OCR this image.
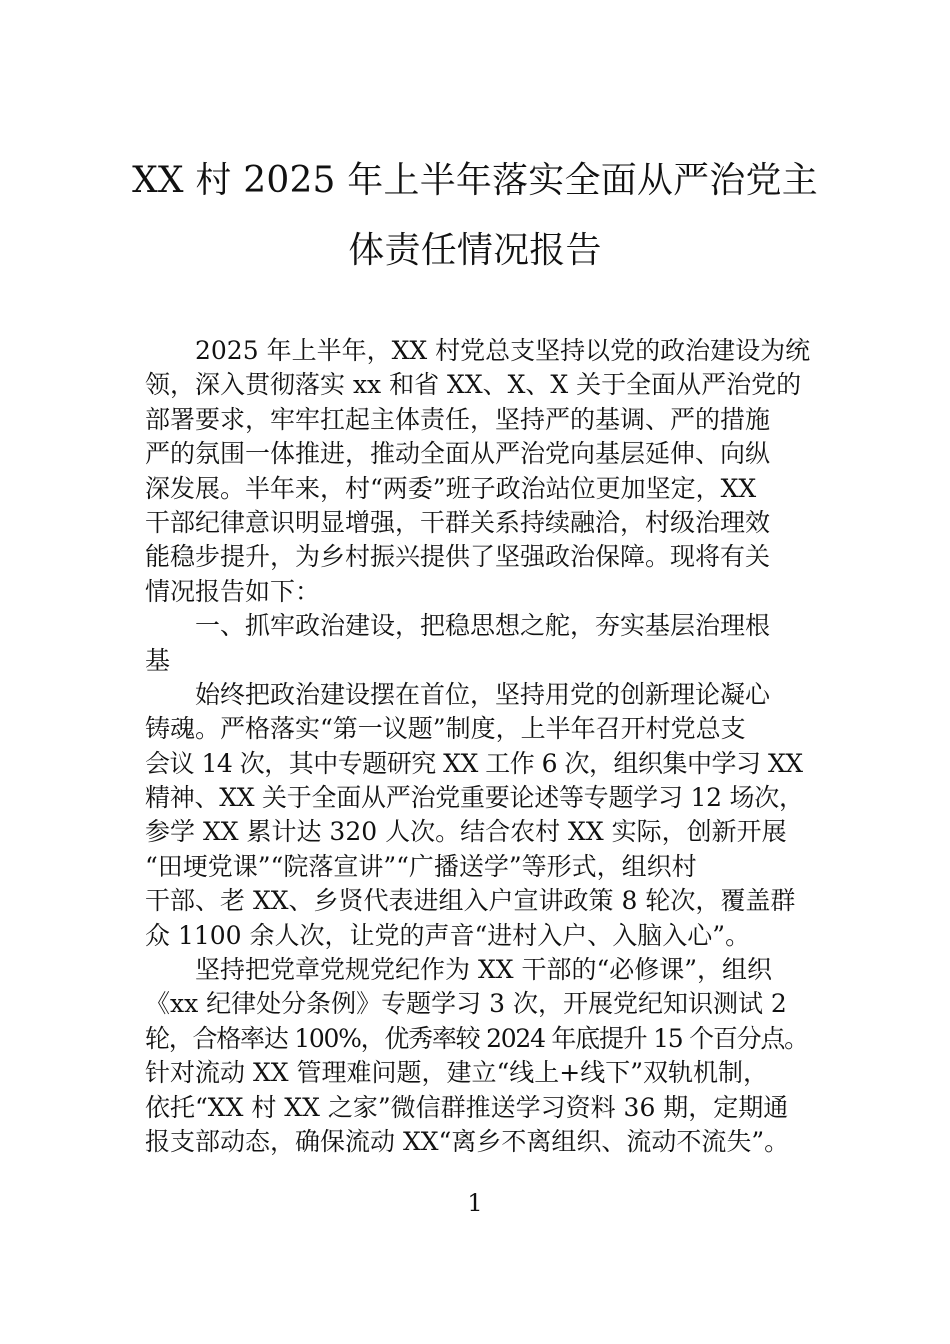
XX 村 2025 年上半年落实全面从严治党主
体责任情况报告
2025 年上半年，XX 村党总支坚持以党的政治建设为统
领，深入贯彻落实 xx 和省 XX、X、X 关于全面从严治党的
部署要求，牢牢扛起主体责任，坚持严的基调、严的措施
严的氛围一体推进，推动全面从严治党向基层延伸、向纵
深发展。半年来，村“两委”班子政治站位更加坚定，XX
干部纪律意识明显增强，干群关系持续融洽，村级治理效
能稳步提升，为乡村振兴提供了坚强政治保障。现将有关
情况报告如下：
一、抓牢政治建设，把稳思想之舵，夯实基层治理根
基
始终把政治建设摆在首位，坚持用党的创新理论凝心
铸魂。严格落实“第一议题”制度，上半年召开村党总支
会议 14 次，其中专题研究 XX 工作 6 次，组织集中学习 XX
精神、XX 关于全面从严治党重要论述等专题学习 12 场次，
参学 XX 累计达 320 人次。结合农村 XX 实际，创新开展
“田埂党课”“院落宣讲”“广播送学”等形式，组织村
干部、老 XX、乡贤代表进组入户宣讲政策 8 轮次，覆盖群
众 1100 余人次，让党的声音“进村入户、入脑入心”。
坚持把党章党规党纪作为 XX 干部的“必修课”，组织
《xx 纪律处分条例》专题学习 3 次，开展党纪知识测试 2
轮，合格率达 100%，优秀率较 2024 年底提升 15 个百分点。
针对流动 XX 管理难问题，建立“线上+线下”双轨机制，
依托“XX 村 XX 之家”微信群推送学习资料 36 期，定期通
报支部动态，确保流动 XX“离乡不离组织、流动不流失”。
1
